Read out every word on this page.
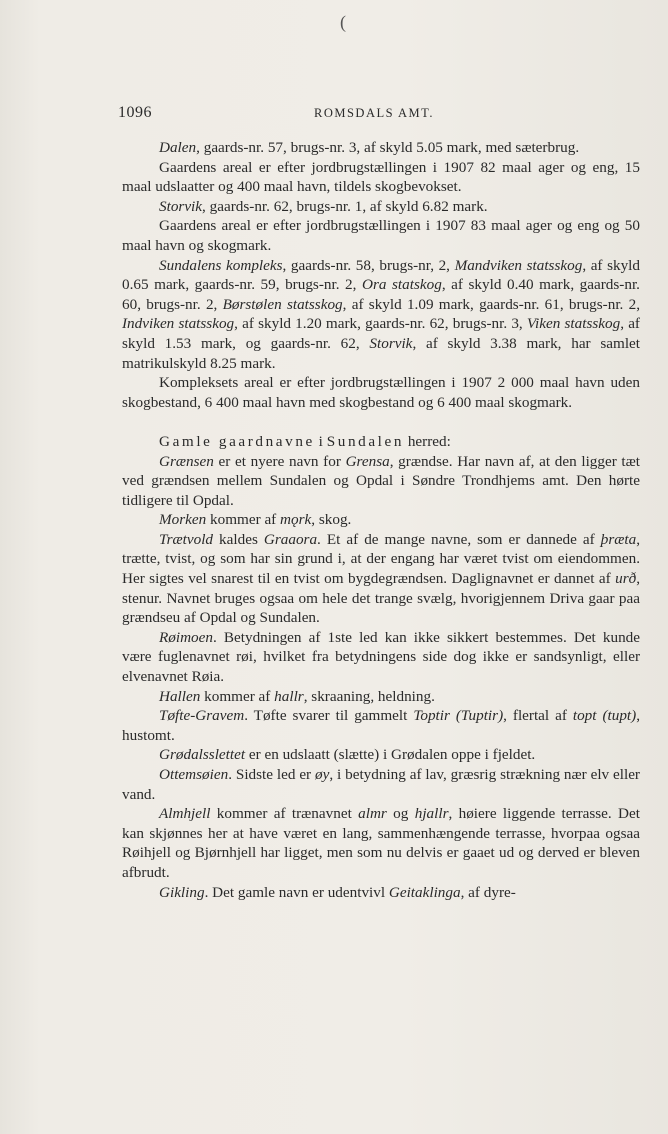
(
1096	ROMSDALS AMT.

Dalen, gaards-nr. 57, brugs-nr. 3, af skyld 5.05 mark, med sæterbrug.

Gaardens areal er efter jordbrugstællingen i 1907 82 maal ager og eng, 15 maal udslaatter og 400 maal havn, tildels skogbevokset.

Storvik, gaards-nr. 62, brugs-nr. 1, af skyld 6.82 mark.

Gaardens areal er efter jordbrugstællingen i 1907 83 maal ager og eng og 50 maal havn og skogmark.

Sundalens kompleks, gaards-nr. 58, brugs-nr, 2, Mandviken statsskog, af skyld 0.65 mark, gaards-nr. 59, brugs-nr. 2, Ora statskog, af skyld 0.40 mark, gaards-nr. 60, brugs-nr. 2, Børstølen statsskog, af skyld 1.09 mark, gaards-nr. 61, brugs-nr. 2, Indviken statsskog, af skyld 1.20 mark, gaards-nr. 62, brugs-nr. 3, Viken statsskog, af skyld 1.53 mark, og gaards-nr. 62, Storvik, af skyld 3.38 mark, har samlet matrikulskyld 8.25 mark.

Kompleksets areal er efter jordbrugstællingen i 1907 2 000 maal havn uden skogbestand, 6 400 maal havn med skogbestand og 6 400 maal skogmark.

Gamle gaardnavne i Sundalen herred:

Grænsen er et nyere navn for Grensa, grændse. Har navn af, at den ligger tæt ved grændsen mellem Sundalen og Opdal i Søndre Trondhjems amt. Den hørte tidligere til Opdal.

Morken kommer af mǫrk, skog.

Trætvold kaldes Graaora. Et af de mange navne, som er dannede af þræta, trætte, tvist, og som har sin grund i, at der engang har været tvist om eiendommen. Her sigtes vel snarest til en tvist om bygdegrændsen. Daglignavnet er dannet af urð, stenur. Navnet bruges ogsaa om hele det trange svælg, hvorigjennem Driva gaar paa grændseu af Opdal og Sundalen.

Røimoen. Betydningen af 1ste led kan ikke sikkert bestemmes. Det kunde være fuglenavnet røi, hvilket fra betydningens side dog ikke er sandsynligt, eller elvenavnet Røia.

Hallen kommer af hallr, skraaning, heldning.

Tøfte-Gravem. Tøfte svarer til gammelt Toptir (Tuptir), flertal af topt (tupt), hustomt.

Grødalsslettet er en udslaatt (slætte) i Grødalen oppe i fjeldet.

Ottemsøien. Sidste led er øy, i betydning af lav, græsrig strækning nær elv eller vand.

Almhjell kommer af trænavnet almr og hjallr, høiere liggende terrasse. Det kan skjønnes her at have været en lang, sammenhængende terrasse, hvorpaa ogsaa Røihjell og Bjørnhjell har ligget, men som nu delvis er gaaet ud og derved er bleven afbrudt.

Gikling. Det gamle navn er udentvivl Geitaklinga, af dyre-
